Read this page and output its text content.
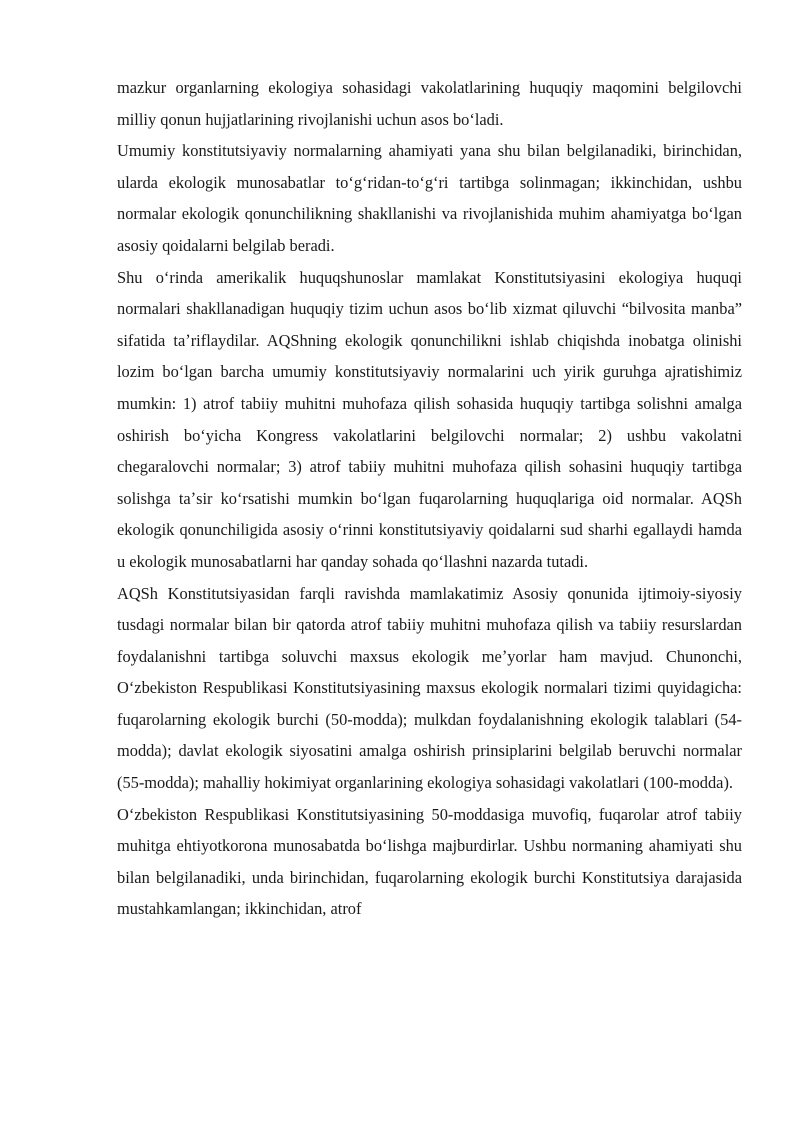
mazkur organlarning ekologiya sohasidagi vakolatlarining huquqiy maqomini belgilovchi milliy qonun hujjatlarining rivojlanishi uchun asos boʻladi.

Umumiy konstitutsiyaviy normalarning ahamiyati yana shu bilan belgilanadiki, birinchidan, ularda ekologik munosabatlar toʻgʻridan-toʻgʻri tartibga solinmagan; ikkinchidan, ushbu normalar ekologik qonunchilikning shakllanishi va rivojlanishida muhim ahamiyatga boʻlgan asosiy qoidalarni belgilab beradi.

Shu oʻrinda amerikalik huquqshunoslar mamlakat Konstitutsiyasini ekologiya huquqi normalari shakllanadigan huquqiy tizim uchun asos boʻlib xizmat qiluvchi “bilvosita manba” sifatida taʼriflaydilar. AQShning ekologik qonunchilikni ishlab chiqishda inobatga olinishi lozim boʻlgan barcha umumiy konstitutsiyaviy normalarini uch yirik guruhga ajratishimiz mumkin: 1) atrof tabiiy muhitni muhofaza qilish sohasida huquqiy tartibga solishni amalga oshirish boʻyicha Kongress vakolatlarini belgilovchi normalar; 2) ushbu vakolatni chegaralovchi normalar; 3) atrof tabiiy muhitni muhofaza qilish sohasini huquqiy tartibga solishga taʼsir koʻrsatishi mumkin boʻlgan fuqarolarning huquqlariga oid normalar. AQSh ekologik qonunchiligida asosiy oʻrinni konstitutsiyaviy qoidalarni sud sharhi egallaydi hamda u ekologik munosabatlarni har qanday sohada qoʻllashni nazarda tutadi.

AQSh Konstitutsiyasidan farqli ravishda mamlakatimiz Asosiy qonunida ijtimoiy-siyosiy tusdagi normalar bilan bir qatorda atrof tabiiy muhitni muhofaza qilish va tabiiy resurslardan foydalanishni tartibga soluvchi maxsus ekologik meʼyorlar ham mavjud. Chunonchi, Oʻzbekiston Respublikasi Konstitutsiyasining maxsus ekologik normalari tizimi quyidagicha: fuqarolarning ekologik burchi (50-modda); mulkdan foydalanishning ekologik talablari (54-modda); davlat ekologik siyosatini amalga oshirish prinsiplarini belgilab beruvchi normalar (55-modda); mahalliy hokimiyat organlarining ekologiya sohasidagi vakolatlari (100-modda).

Oʻzbekiston Respublikasi Konstitutsiyasining 50-moddasiga muvofiq, fuqarolar atrof tabiiy muhitga ehtiyotkorona munosabatda boʻlishga majburdirlar. Ushbu normaning ahamiyati shu bilan belgilanadiki, unda birinchidan, fuqarolarning ekologik burchi Konstitutsiya darajasida mustahkamlangan; ikkinchidan, atrof
